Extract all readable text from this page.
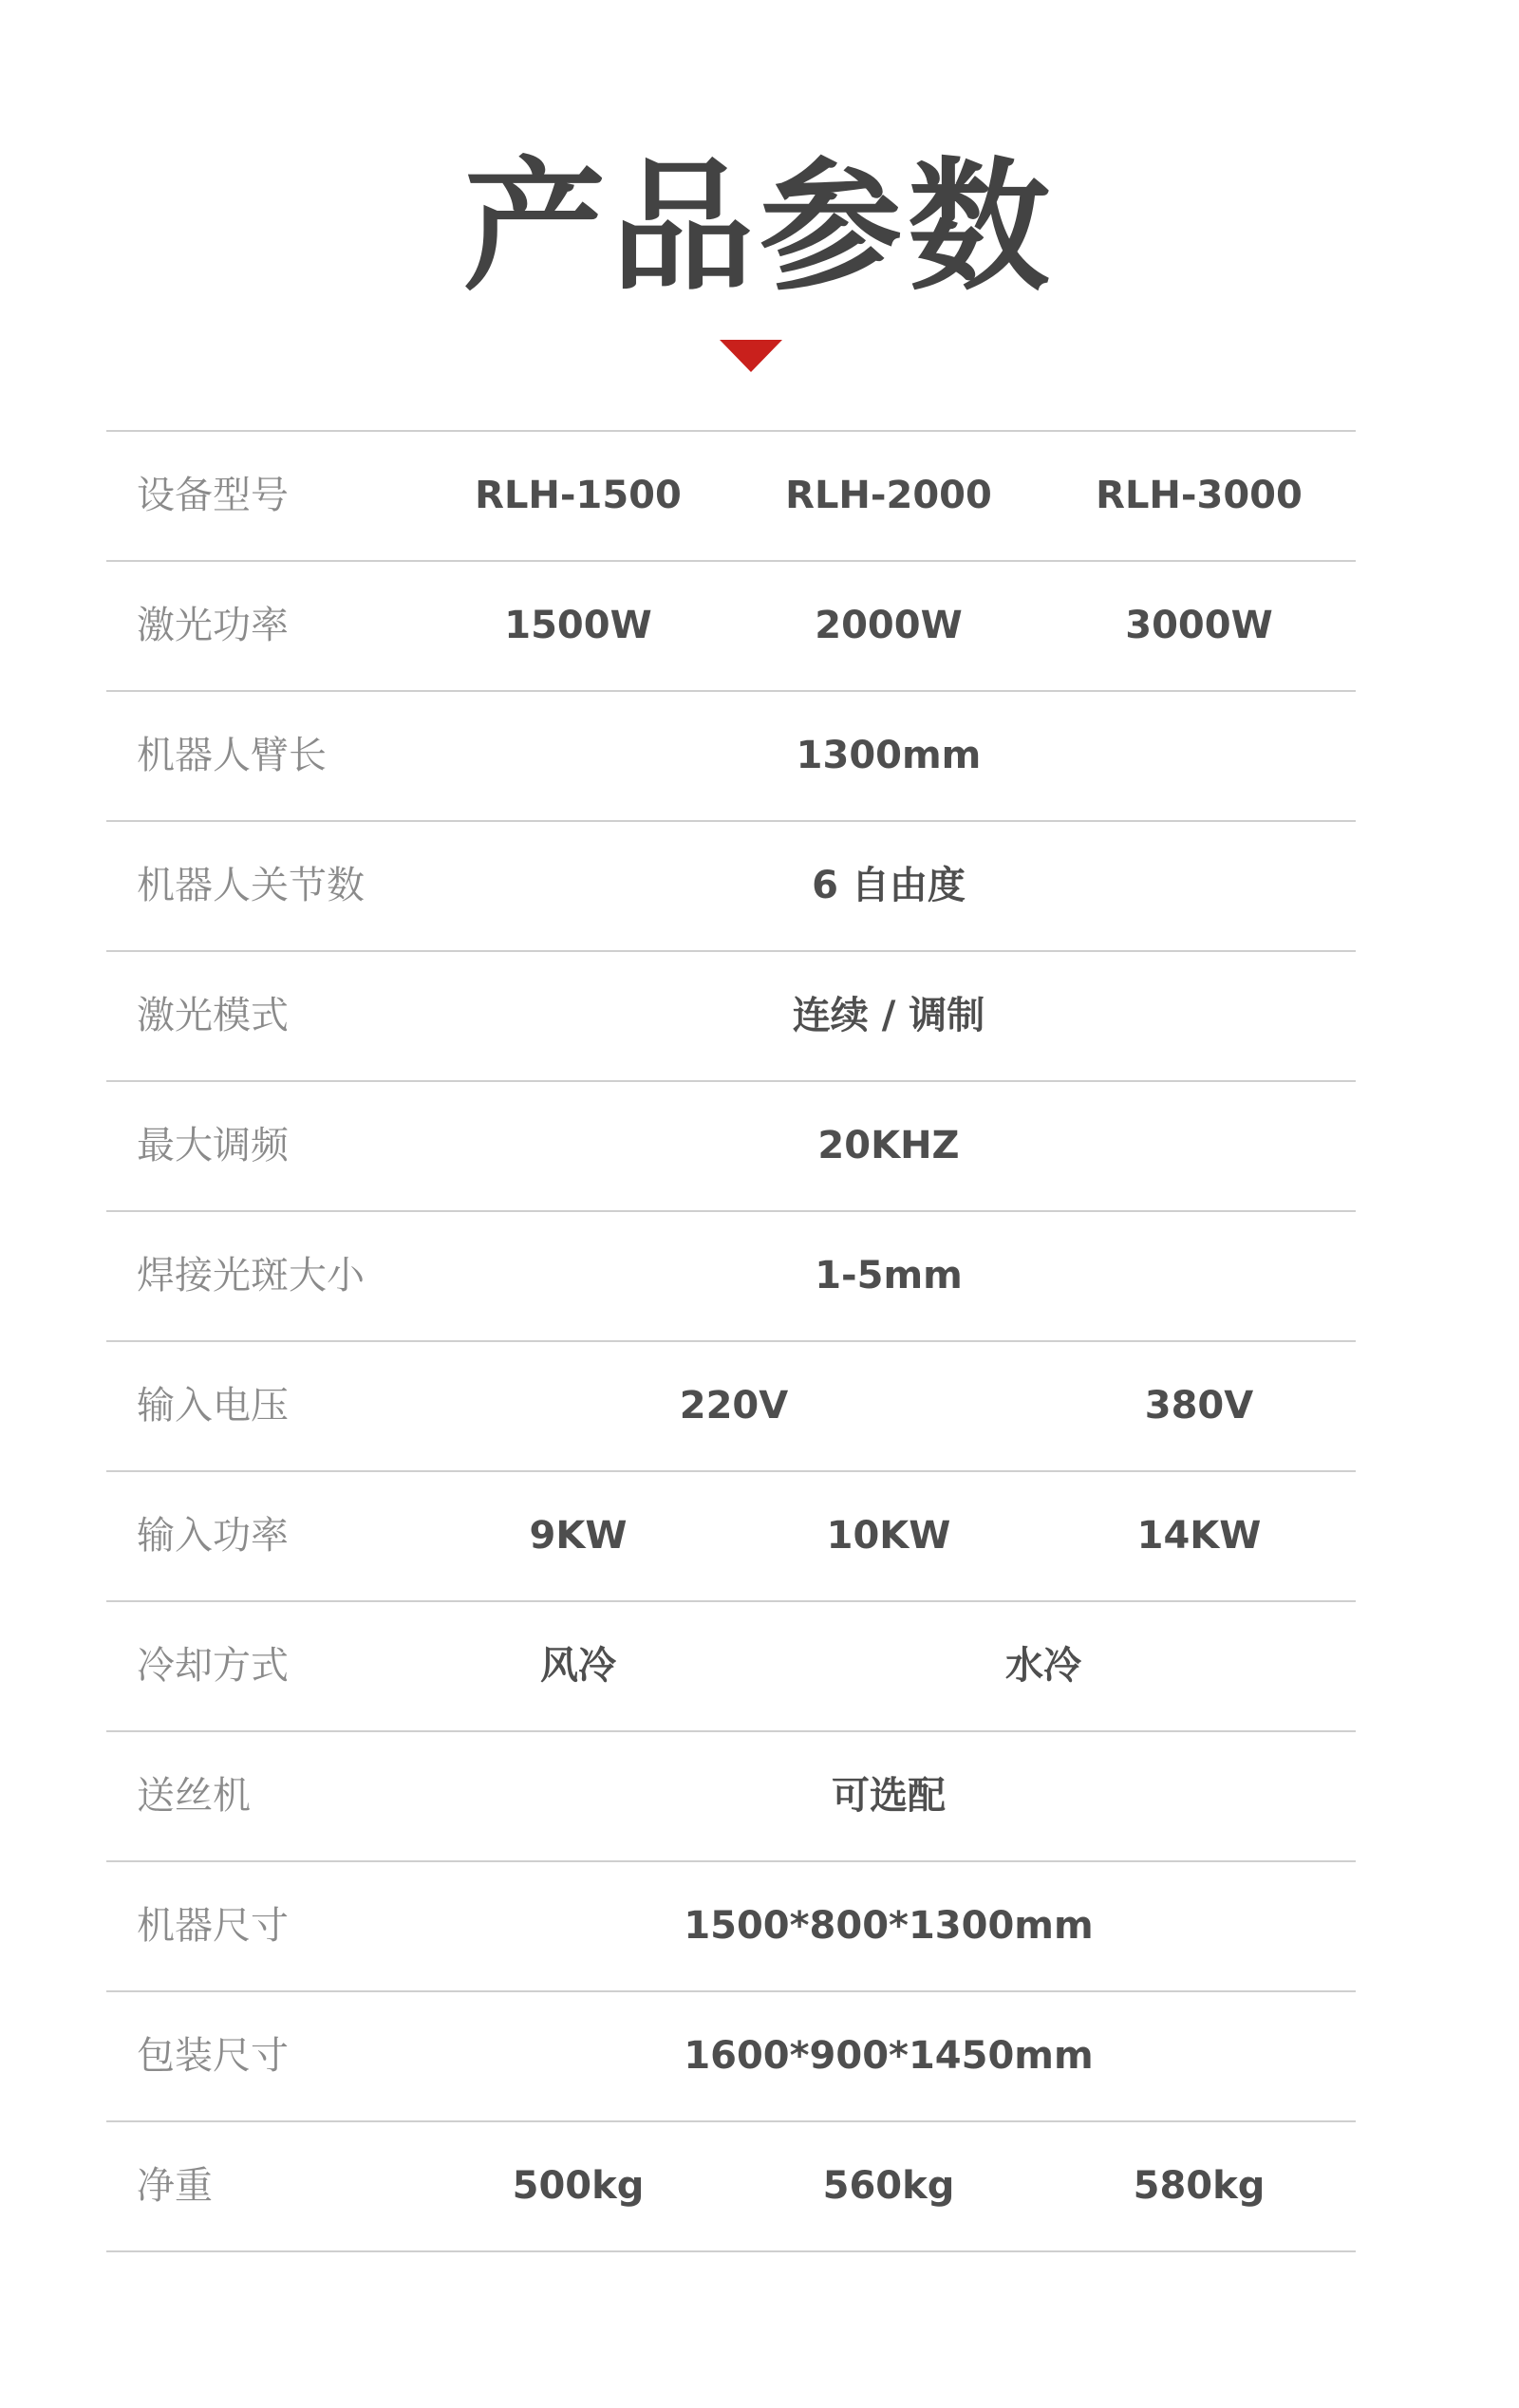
产品参数
设备型号	RLH-1500	RLH-2000	RLH-3000
激光功率	1500W	2000W	3000W
机器人臂长	1300mm
机器人关节数	6 自由度
激光模式	连续 / 调制
最大调频	20KHZ
焊接光斑大小	1-5mm
输入电压	220V	380V
输入功率	9KW	10KW	14KW
冷却方式	风冷	水冷
送丝机	可选配
机器尺寸	1500*800*1300mm
包装尺寸	1600*900*1450mm
净重	500kg	560kg	580kg
